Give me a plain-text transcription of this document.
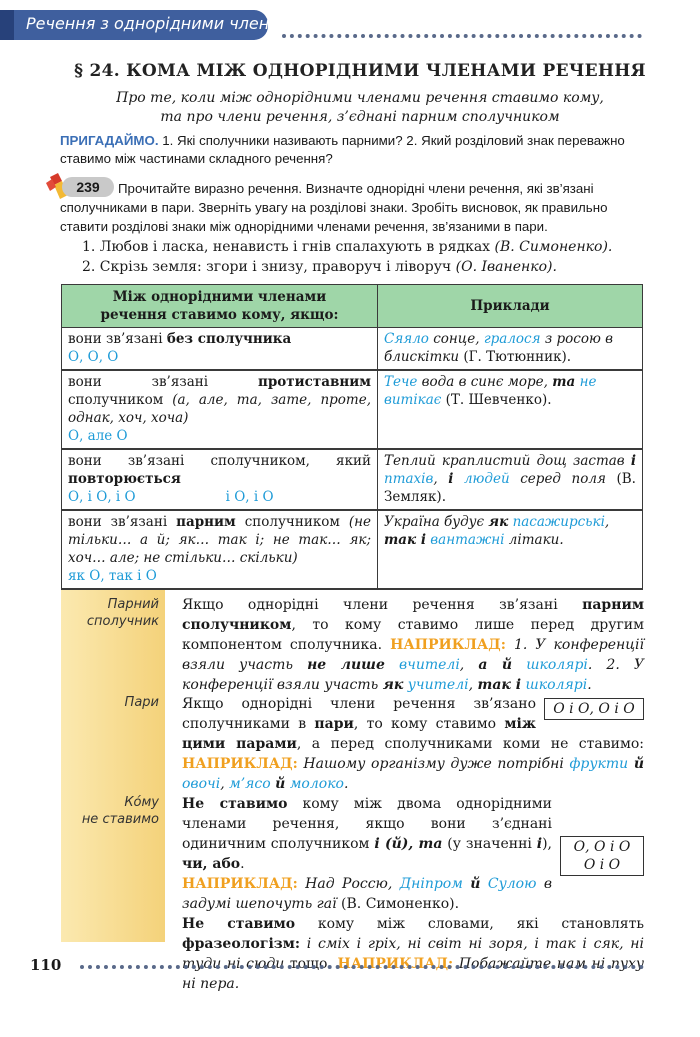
Речення з однорідними членами
§ 24. КОМА МІЖ ОДНОРІДНИМИ ЧЛЕНАМИ РЕЧЕННЯ
Про те, коли між однорідними членами речення ставимо кому,
та про члени речення, з’єднані парним сполучником
ПРИГАДАЙМО. 1. Які сполучники називають парними? 2. Який розділовий знак переважно ставимо між частинами складного речення?
Прочитайте виразно речення. Визначте однорідні члени речення, які зв’язані сполучниками в пари. Зверніть увагу на розділові знаки. Зробіть висновок, як правильно ставити розділові знаки між однорідними членами речення, зв’язаними в пари.
239
1. Любов і ласка, ненависть і гнів спалахують в рядках (В. Симоненко).
2. Скрізь земля: згори і знизу, праворуч і ліворуч (О. Іваненко).
Між однорідними членами
речення ставимо кому, якщо:	Приклади

вони зв’язані без сполучника
О, О, О	Сяяло сонце, гралося з росою в блискітки (Г. Тютюнник).

вони зв’язані протиставним сполучником (а, але, та, зате, проте, однак, хоч, хоча)
О, але О	Тече вода в синє море, та не витікає (Т. Шевченко).

вони зв’язані сполучником, який повторюється
О, і О, і О і О, і О	Теплий краплистий дощ застав і птахів, і людей серед поля (В. Земляк).

вони зв’язані парним сполучником (не тільки… а й; як… так і; не так… як; хоч… але; не стільки… скільки)
як О, так і О	Україна будує як пасажирські, так і вантажні літаки.
Парний
сполучник
Пари
Ко́му
не ставимо
Якщо однорідні члени речення зв’язані парним сполучником, то кому ставимо лише перед другим компонентом сполучника. НАПРИКЛАД: 1. У конференції взяли участь не лише вчителі, а й школярі. 2. У конференції взяли участь як учителі, так і школярі.
О і О, О і О
Якщо однорідні члени речення зв’язано сполучниками в пари, то кому ставимо між цими парами, а перед сполучниками коми не ставимо: НАПРИКЛАД: Нашому організму дуже потрібні фрукти й овочі, м’ясо й молоко.
О, О і О
О і О
Не ставимо кому між двома однорідними членами речення, якщо вони з’єднані одиничним сполучником і (й), та (у значенні і), чи, або.
НАПРИКЛАД: Над Россю, Дніпром й Сулою в задумі шепочуть гаї (В. Симоненко).
Не ставимо кому між словами, які становлять фразеологізм: і сміх і гріх, ні світ ні зоря, і так і сяк, ні туди ні сюди тощо. НАПРИКЛАД: Побажайте нам ні пуху ні пера.
110
